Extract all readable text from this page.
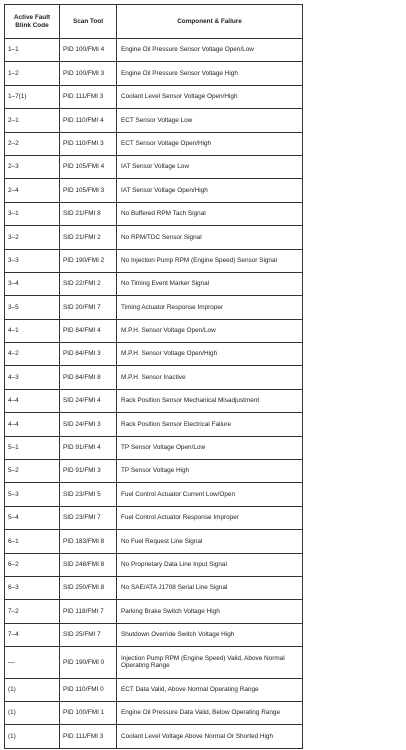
Active Fault Blink Code	Scan Tool	Component & Failure
1–1	PID 100/FMI 4	Engine Oil Pressure Sensor Voltage Open/Low
1–2	PID 100/FMI 3	Engine Oil Pressure Sensor Voltage High
1–7(1)	PID 111/FMI 3	Coolant Level Sensor Voltage Open/High
2–1	PID 110/FMI 4	ECT Sensor Voltage Low
2–2	PID 110/FMI 3	ECT Sensor Voltage Open/High
2–3	PID 105/FMI 4	IAT Sensor Voltage Low
2–4	PID 105/FMI 3	IAT Sensor Voltage Open/High
3–1	SID 21/FMI 8	No Buffered RPM Tach Signal
3–2	SID 21/FMI 2	No RPM/TDC Sensor Signal
3–3	PID 190/FMI 2	No Injection Pump RPM (Engine Speed) Sensor Signal
3–4	SID 22/FMI 2	No Timing Event Marker Signal
3–5	SID 20/FMI 7	Timing Actuator Response Improper
4–1	PID 84/FMI 4	M.P.H. Sensor Voltage Open/Low
4–2	PID 84/FMI 3	M.P.H. Sensor Voltage Open/High
4–3	PID 84/FMI 8	M.P.H. Sensor Inactive
4–4	SID 24/FMI 4	Rack Position Sensor Mechanical Misadjustment
4–4	SID 24/FMI 3	Rack Position Sensor Electrical Failure
5–1	PID 91/FMI 4	TP Sensor Voltage Open/Low
5–2	PID 91/FMI 3	TP Sensor Voltage High
5–3	SID 23/FMI 5	Fuel Control Actuator Current Low/Open
5–4	SID 23/FMI 7	Fuel Control Actuator Response Improper
6–1	PID 183/FMI 8	No Fuel Request Line Signal
6–2	SID 248/FMI 8	No Proprietary Data Line Input Signal
6–3	SID 250/FMI 8	No SAE/ATA J1708 Serial Line Signal
7–2	PID 118/FMI 7	Parking Brake Switch Voltage High
7–4	SID 25/FMI 7	Shutdown Override Switch Voltage High
—	PID 190/FMI 0	Injection Pump RPM (Engine Speed) Valid, Above Normal Operating Range
(1)	PID 110/FMI 0	ECT Data Valid, Above Normal Operating Range
(1)	PID 100/FMI 1	Engine Oil Pressure Data Valid, Below Operating Range
(1)	PID 111/FMI 3	Coolant Level Voltage Above Normal Or Shorted High
